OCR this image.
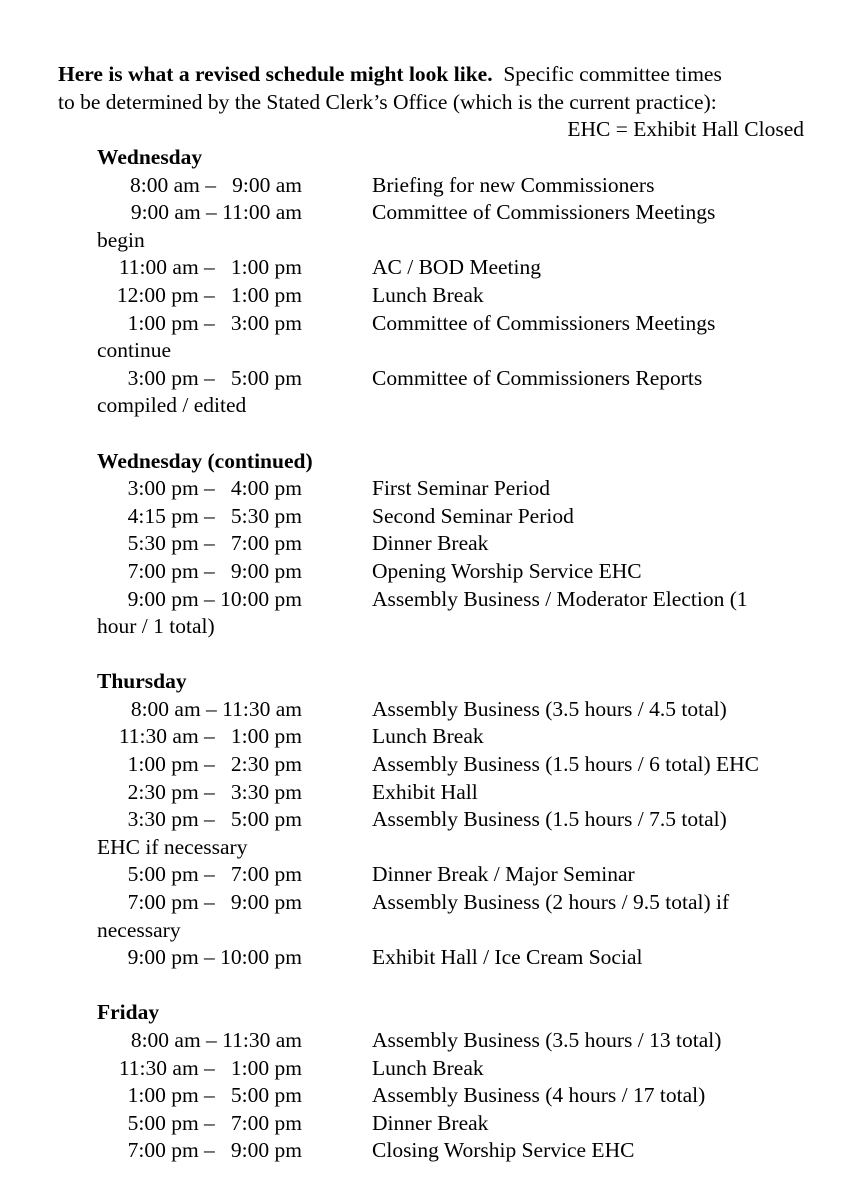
Here is what a revised schedule might look like.  Specific committee times
to be determined by the Stated Clerk’s Office (which is the current practice):
EHC = Exhibit Hall Closed
Wednesday
8:00 am –   9:00 am	Briefing for new Commissioners
9:00 am – 11:00 am	Committee of Commissioners Meetings
begin
11:00 am –   1:00 pm	AC / BOD Meeting
12:00 pm –   1:00 pm	Lunch Break
1:00 pm –   3:00 pm	Committee of Commissioners Meetings
continue
3:00 pm –   5:00 pm	Committee of Commissioners Reports
compiled / edited
Wednesday (continued)
3:00 pm –   4:00 pm	First Seminar Period
4:15 pm –   5:30 pm	Second Seminar Period
5:30 pm –   7:00 pm	Dinner Break
7:00 pm –   9:00 pm	Opening Worship Service EHC
9:00 pm – 10:00 pm	Assembly Business / Moderator Election (1
hour / 1 total)
Thursday
8:00 am – 11:30 am	Assembly Business (3.5 hours / 4.5 total)
11:30 am –   1:00 pm	Lunch Break
1:00 pm –   2:30 pm	Assembly Business (1.5 hours / 6 total) EHC
2:30 pm –   3:30 pm	Exhibit Hall
3:30 pm –   5:00 pm	Assembly Business (1.5 hours / 7.5 total)
EHC if necessary
5:00 pm –   7:00 pm	Dinner Break / Major Seminar
7:00 pm –   9:00 pm	Assembly Business (2 hours / 9.5 total) if
necessary
9:00 pm – 10:00 pm	Exhibit Hall / Ice Cream Social
Friday
8:00 am – 11:30 am	Assembly Business (3.5 hours / 13 total)
11:30 am –   1:00 pm	Lunch Break
1:00 pm –   5:00 pm	Assembly Business (4 hours / 17 total)
5:00 pm –   7:00 pm	Dinner Break
7:00 pm –   9:00 pm	Closing Worship Service EHC
